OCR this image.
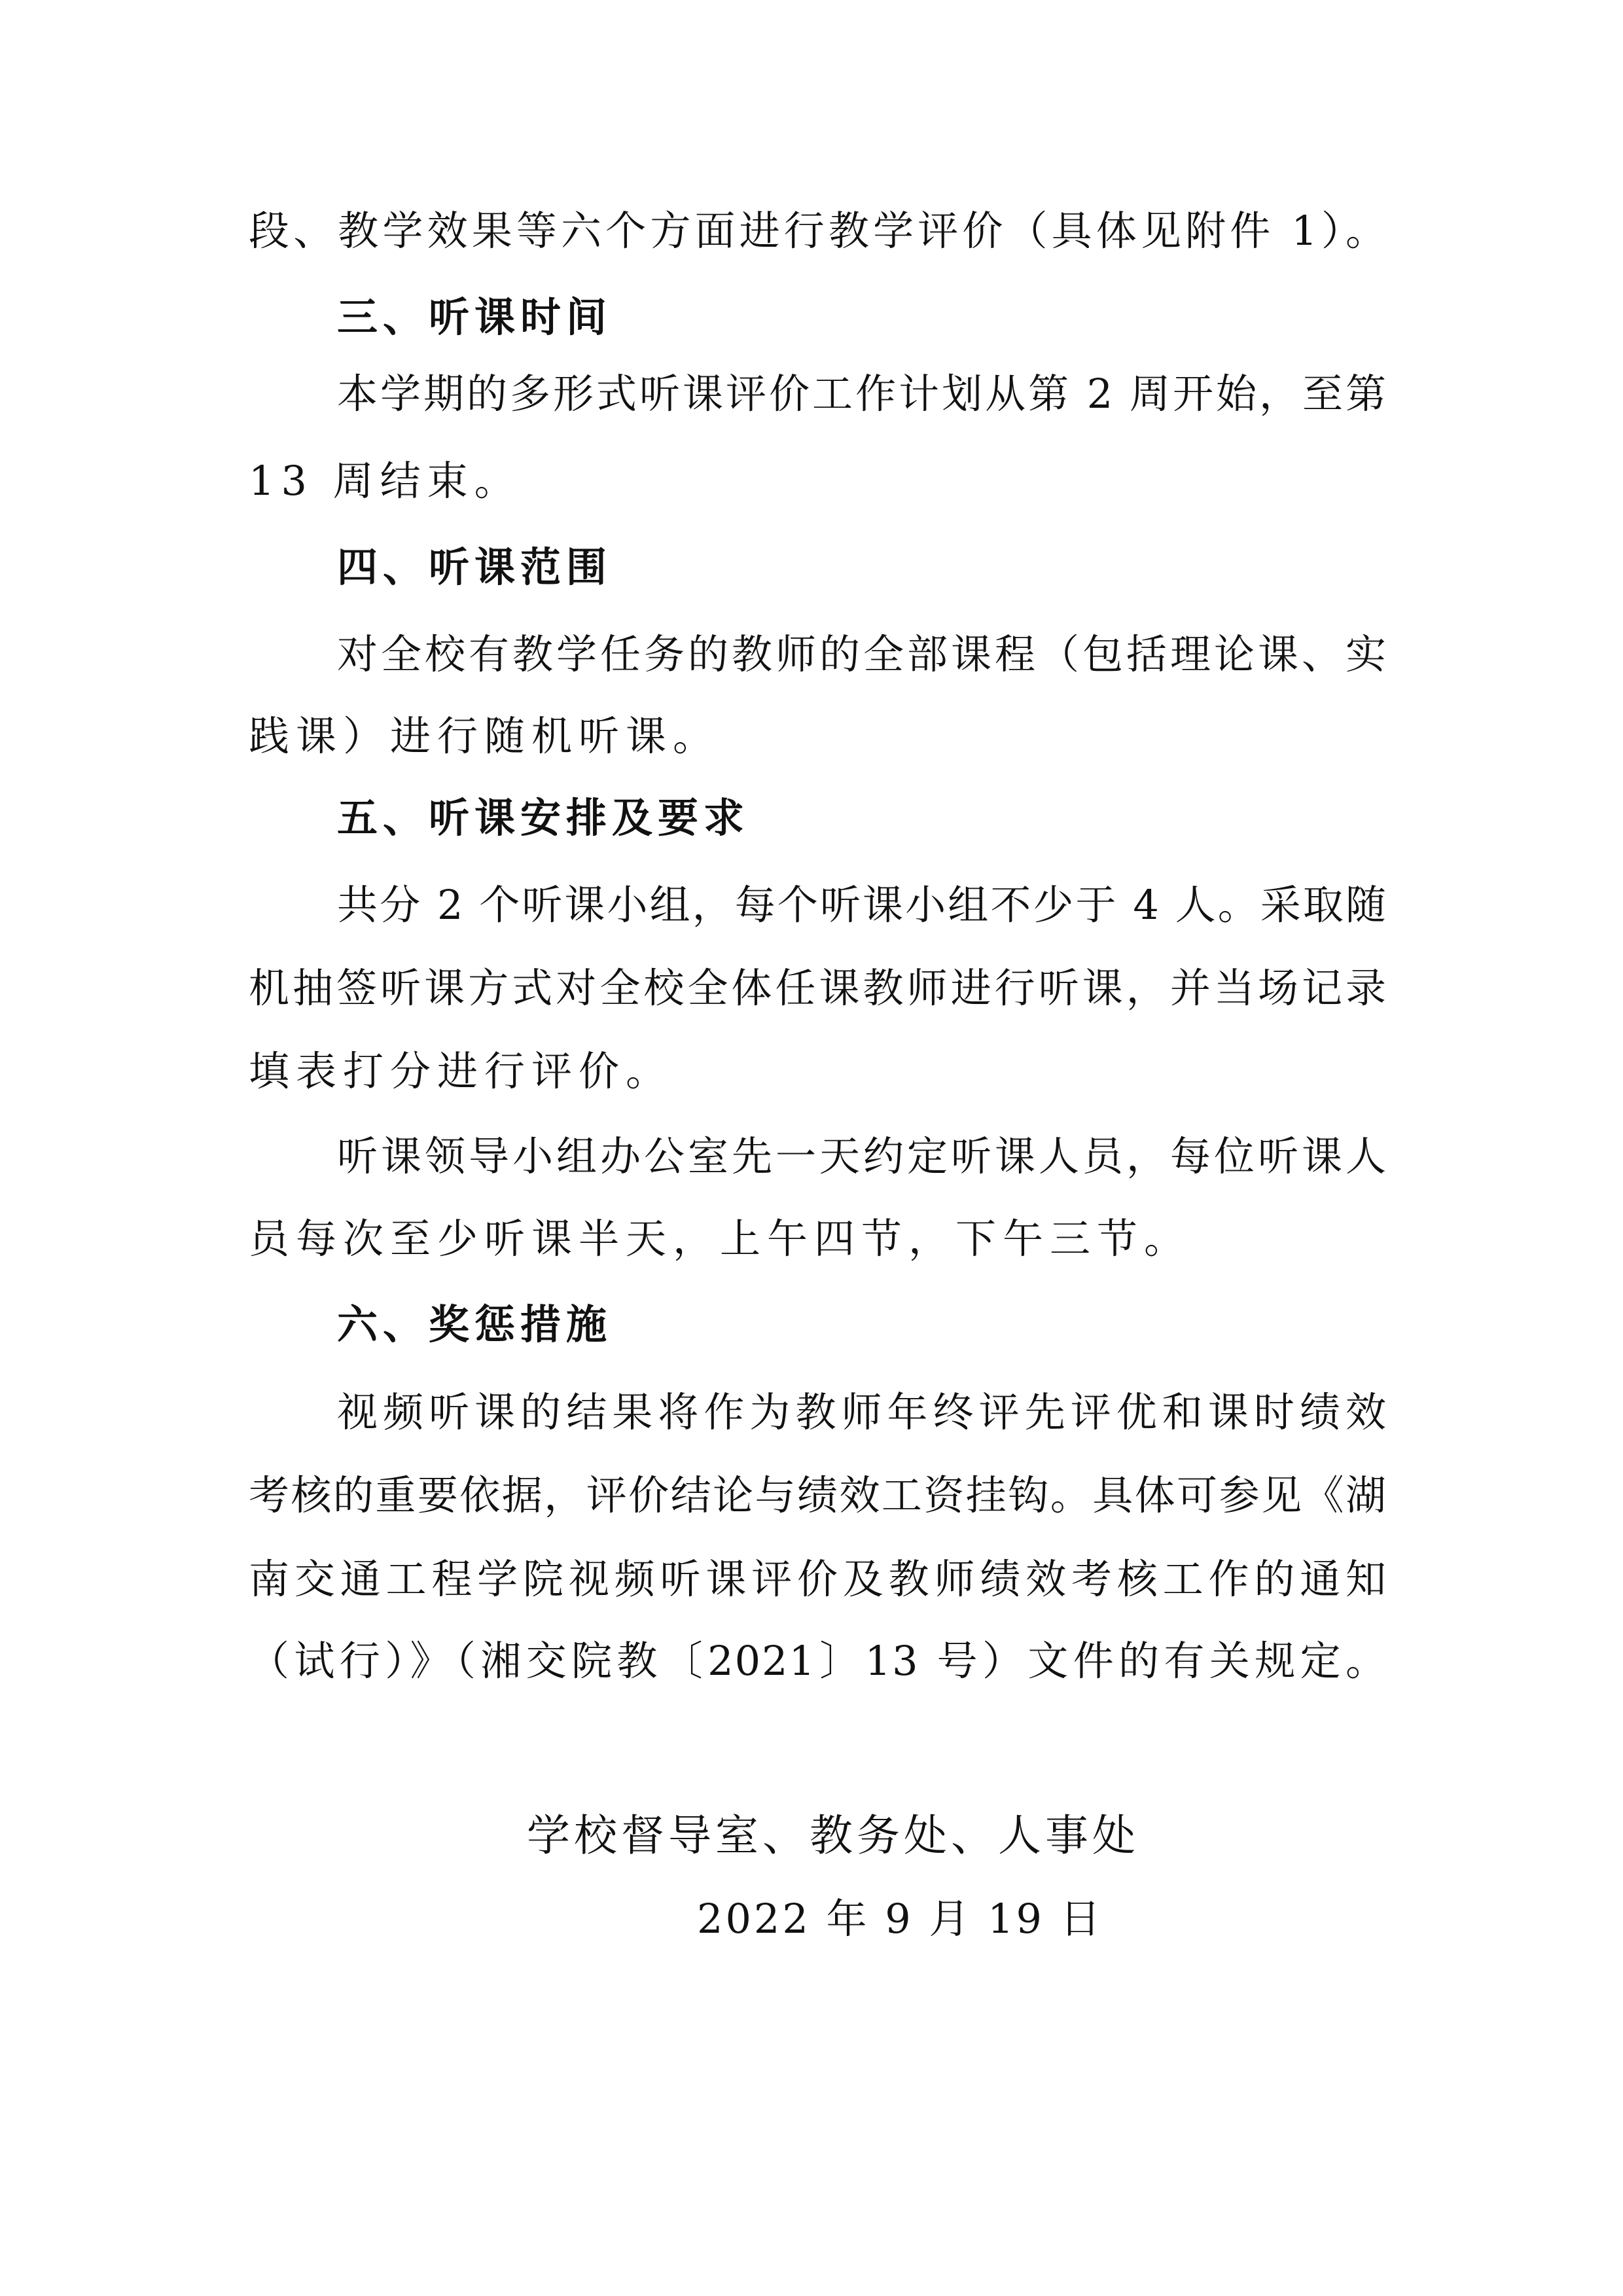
段、教学效果等六个方面进行教学评价（具体见附件 1）。
三、听课时间
本学期的多形式听课评价工作计划从第 2 周开始，至第
13 周结束。
四、听课范围
对全校有教学任务的教师的全部课程（包括理论课、实
践课）进行随机听课。
五、听课安排及要求
共分 2 个听课小组，每个听课小组不少于 4 人。采取随
机抽签听课方式对全校全体任课教师进行听课，并当场记录
填表打分进行评价。
听课领导小组办公室先一天约定听课人员，每位听课人
员每次至少听课半天，上午四节，下午三节。
六、奖惩措施
视频听课的结果将作为教师年终评先评优和课时绩效
考核的重要依据，评价结论与绩效工资挂钩。具体可参见《湖
南交通工程学院视频听课评价及教师绩效考核工作的通知
（试行）》（湘交院教〔2021〕13 号）文件的有关规定。
学校督导室、教务处、人事处
2022 年 9 月 19 日
